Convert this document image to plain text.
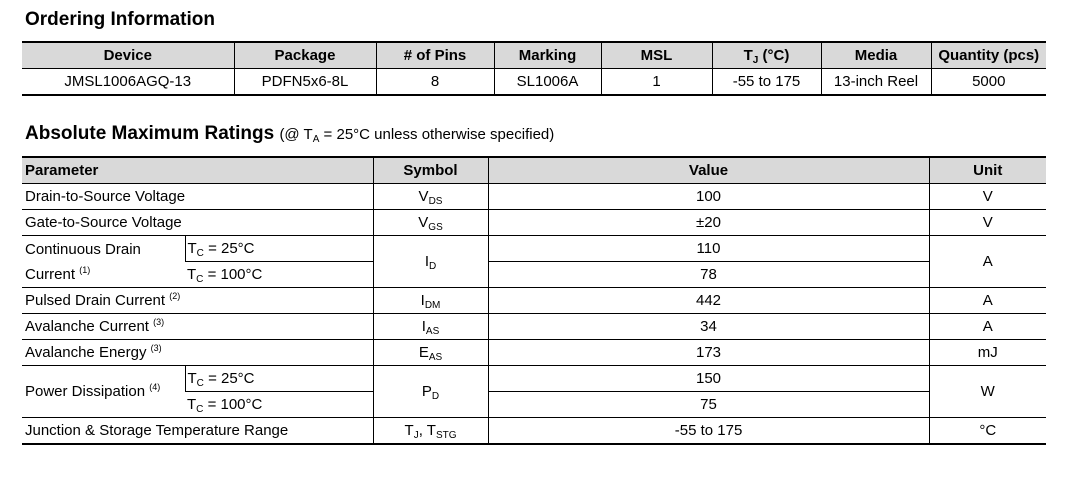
Ordering Information
Device	Package	# of Pins	Marking	MSL	$T_J$ (°C)	Media	Quantity (pcs)
JMSL1006AGQ-13	PDFN5x6-8L	8	SL1006A	1	-55 to 175	13-inch Reel	5000
Absolute Maximum Ratings (@ $T_A = 25^\circ C$ unless otherwise specified)
Parameter		Symbol	Value	Unit
Drain-to-Source Voltage		$V_{DS}$	100	V
Gate-to-Source Voltage		$V_{GS}$	±20	V
Continuous Drain Current $^{(1)}$	$T_C = 25^\circ C$	$I_D$	110	A
	$T_C = 100^\circ C$		78	
Pulsed Drain Current $^{(2)}$		$I_{DM}$	442	A
Avalanche Current $^{(3)}$		$I_{AS}$	34	A
Avalanche Energy $^{(3)}$		$E_{AS}$	173	mJ
Power Dissipation $^{(4)}$	$T_C = 25^\circ C$	$P_D$	150	W
	$T_C = 100^\circ C$		75	
Junction & Storage Temperature Range		$T_J$, $T_{STG}$	-55 to 175	°C
